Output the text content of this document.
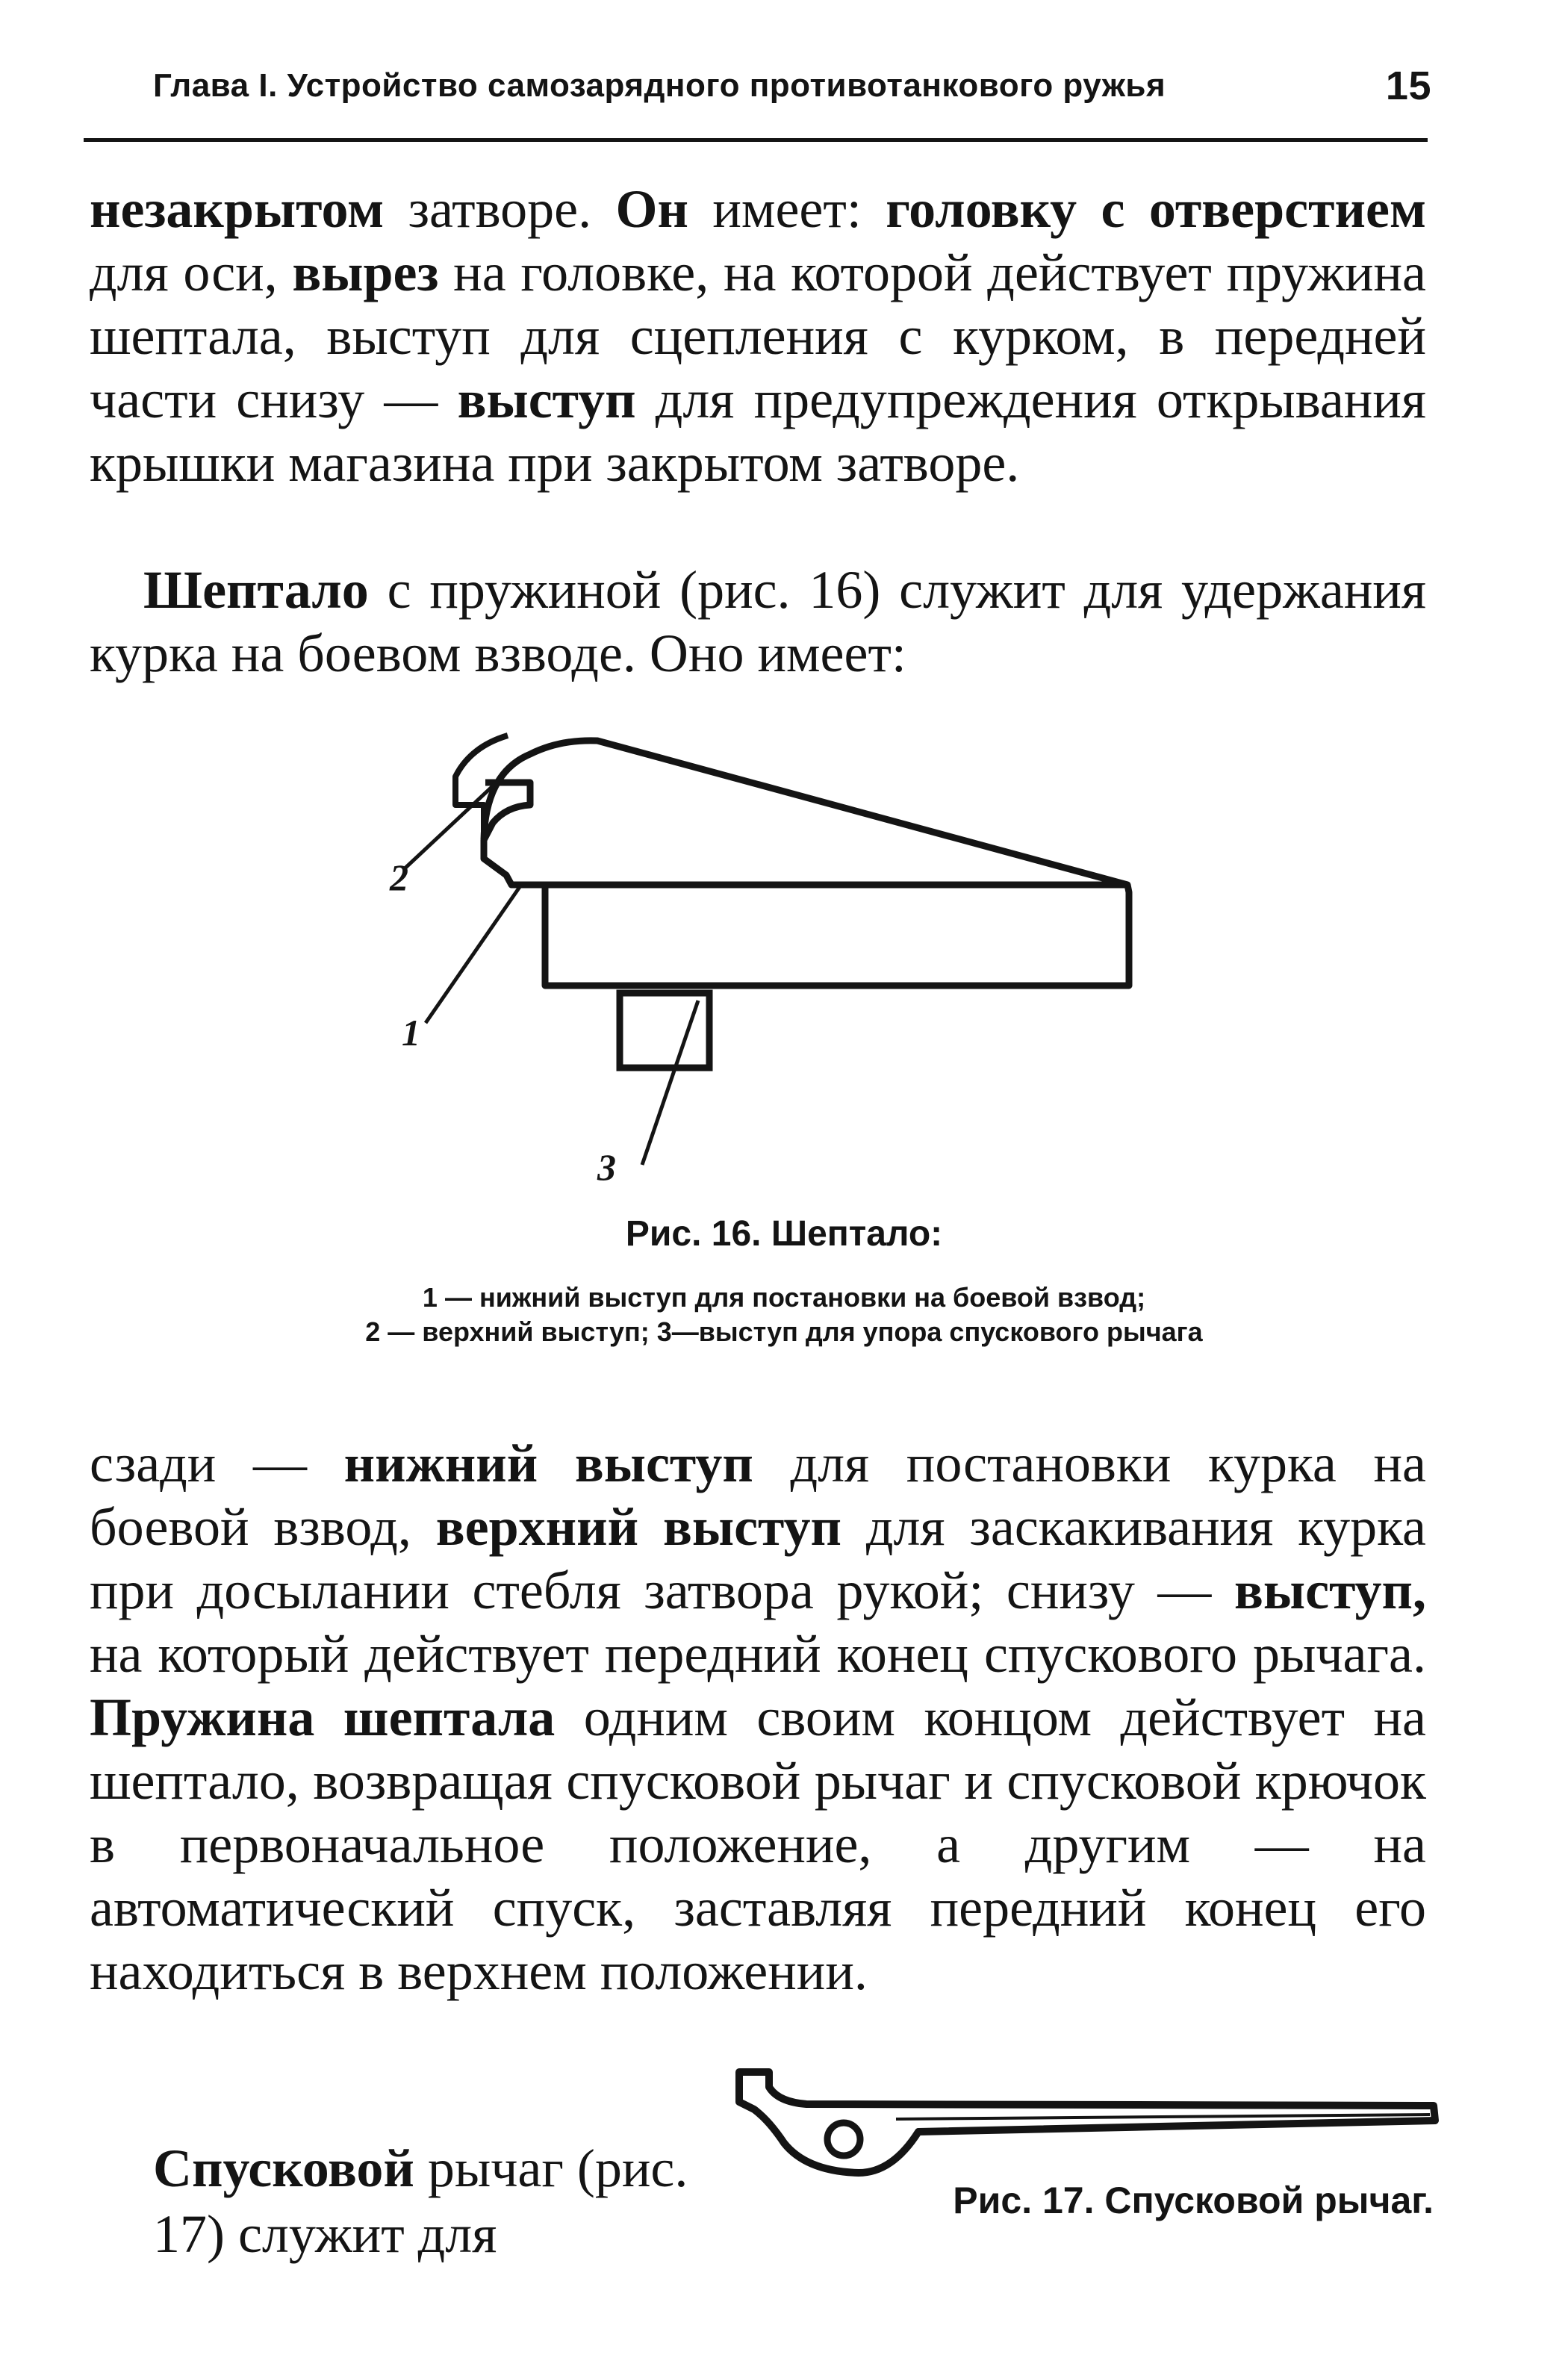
Глава I. Устройство самозарядного противотанкового ружья	15

незакрытом затворе. Он имеет: головку с отверстием для оси, вырез на головке, на которой действует пружина шептала, выступ для сцепления с курком, в передней части снизу — выступ для предупреждения открывания крышки магазина при закрытом затворе.

Шептало с пружиной (рис. 16) служит для удержания курка на боевом взводе. Оно имеет:

2
1
3
Рис. 16. Шептало:
1 — нижний выступ для постановки на боевой взвод;
2 — верхний выступ; 3—выступ для упора спускового рычага

сзади — нижний выступ для постановки курка на боевой взвод, верхний выступ для заскакивания курка при досылании стебля затвора рукой; снизу — выступ, на который действует передний конец спускового рычага. Пружина шептала одним своим концом действует на шептало, возвращая спусковой рычаг и спусковой крючок в первоначальное положение, а другим — на автоматический спуск, заставляя передний конец его находиться в верхнем положении.

Спусковой рычаг (рис. 17) служит для

Рис. 17. Спусковой рычаг.
